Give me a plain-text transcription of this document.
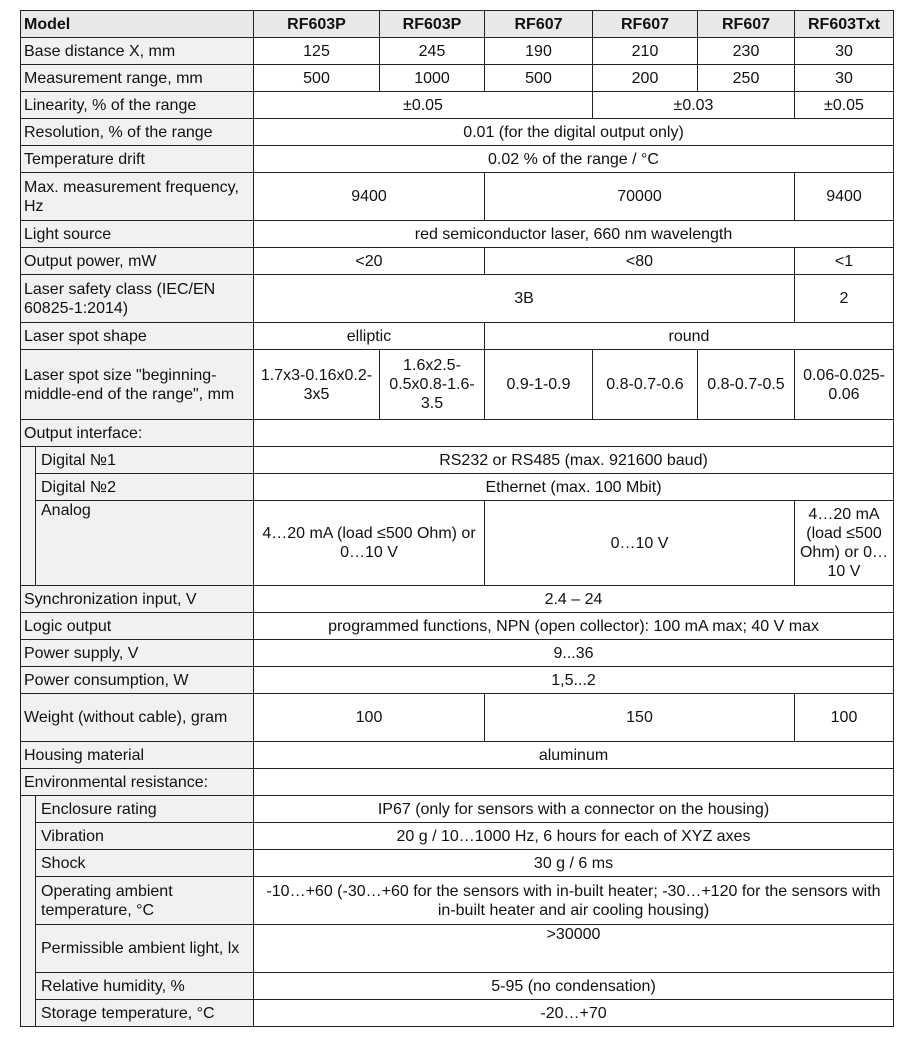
Model		RF603P	RF603P	RF607	RF607	RF607	RF603Txt
Base distance X, mm		125	245	190	210	230	30
Measurement range, mm		500	1000	500	200	250	30
Linearity, % of the range		±0.05			±0.03		±0.05
Resolution, % of the range		0.01 (for the digital output only)					
Temperature drift		0.02 % of the range / °C					
Max. measurement frequency, Hz		9400		70000			9400
Light source		red semiconductor laser, 660 nm wavelength					
Output power, mW		<20		<80			<1
Laser safety class (IEC/EN 60825-1:2014)		3B					2
Laser spot shape		elliptic		round			
Laser spot size "beginning-middle-end of the range", mm		1.7x3-0.16x0.2-3x5	1.6x2.5-0.5x0.8-1.6-3.5	0.9-1-0.9	0.8-0.7-0.6	0.8-0.7-0.5	0.06-0.025-0.06
Output interface:							
	Digital №1	RS232 or RS485 (max. 921600 baud)					
	Digital №2	Ethernet (max. 100 Mbit)					
	Analog	4…20 mA (load ≤500 Ohm) or 0…10 V		0…10 V			4…20 mA (load ≤500 Ohm) or 0…10 V
Synchronization input, V		2.4 – 24					
Logic output		programmed functions, NPN (open collector): 100 mA max; 40 V max					
Power supply, V		9...36					
Power consumption, W		1,5...2					
Weight (without cable), gram		100		150			100
Housing material		aluminum					
Environmental resistance:							
	Enclosure rating	IP67 (only for sensors with a connector on the housing)					
	Vibration	20 g / 10…1000 Hz, 6 hours for each of XYZ axes					
	Shock	30 g / 6 ms					
	Operating ambient temperature, °C	-10…+60 (-30…+60 for the sensors with in-built heater; -30…+120 for the sensors with in-built heater and air cooling housing)					
	Permissible ambient light, lx	>30000					
	Relative humidity, %	5-95 (no condensation)					
	Storage temperature, °C	-20…+70					
